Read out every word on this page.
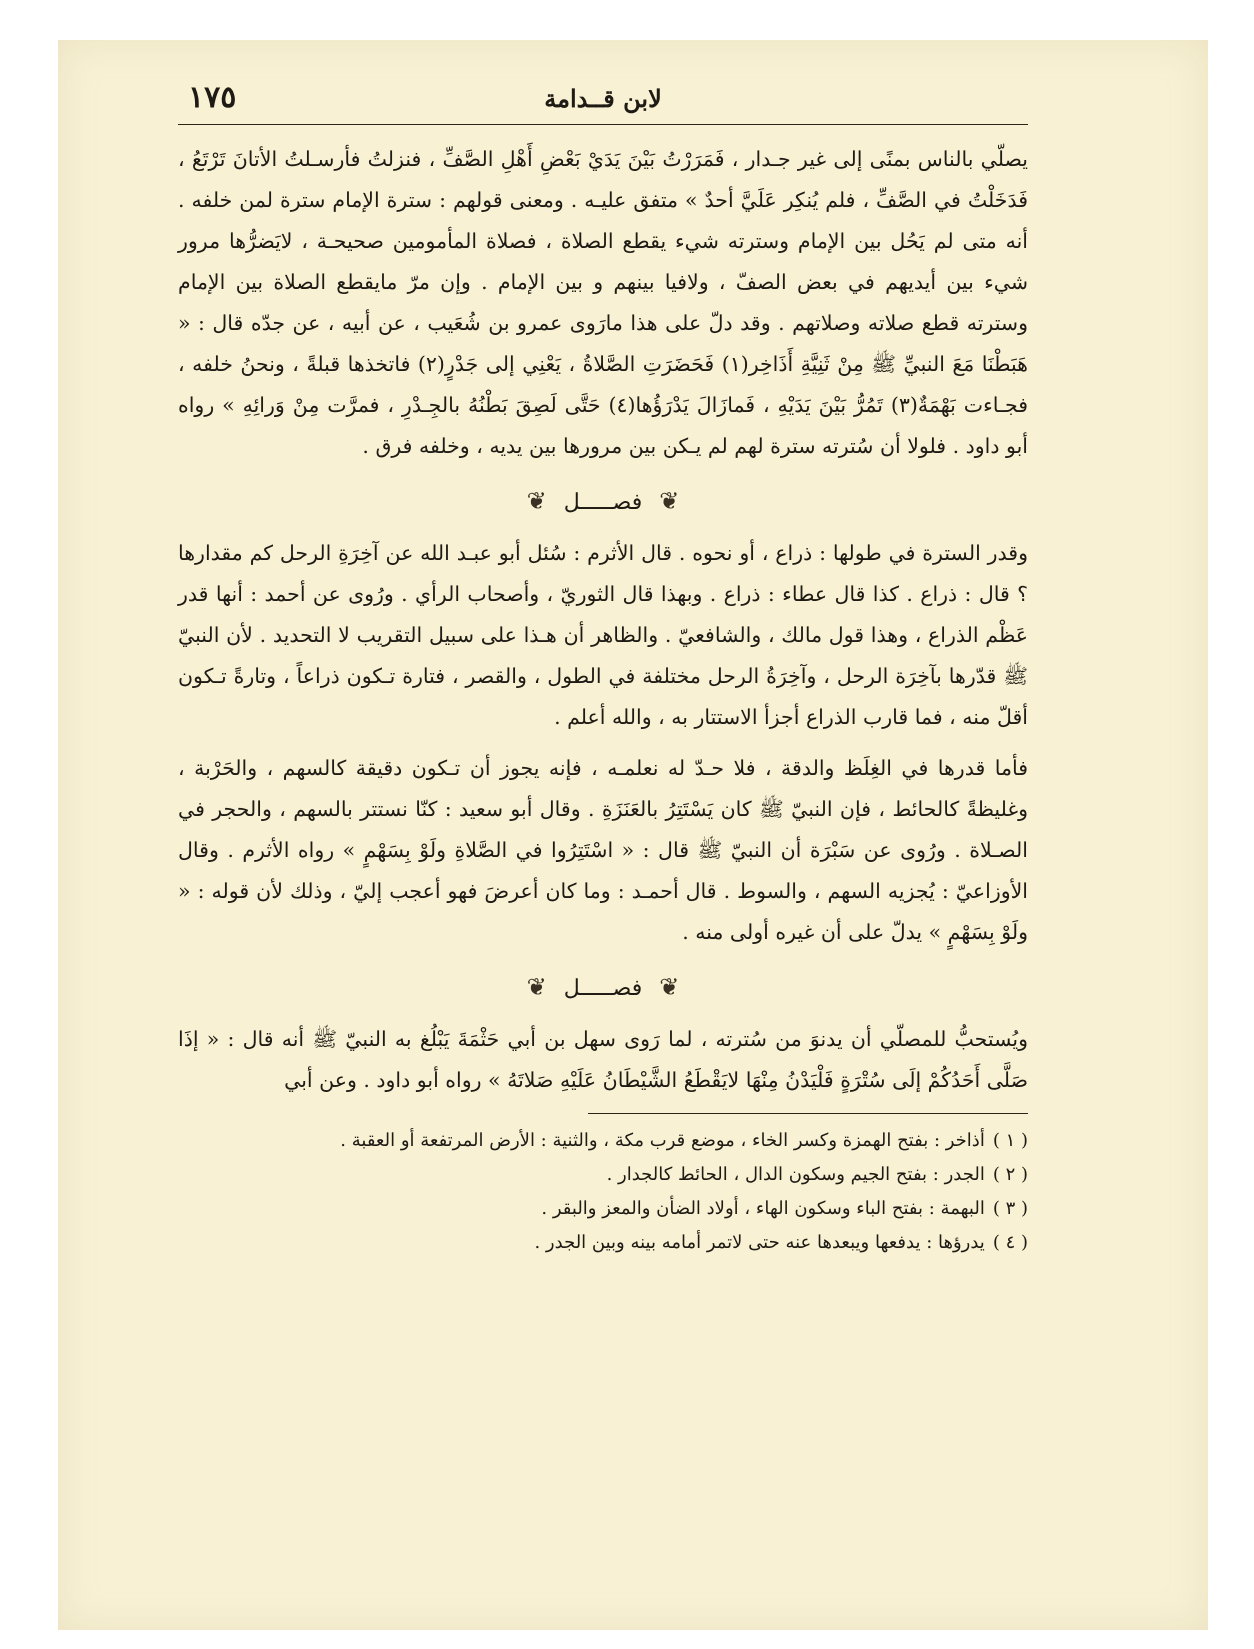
لابن قــدامة
١٧٥

يصلّي بالناس بمنًى إلى غير جـدار ، فَمَرَرْتُ بَيْنَ يَدَيْ بَعْضِ أَهْلِ الصَّفِّ ، فنزلتُ فأرسـلتُ الأتانَ تَرْتَعُ ، فَدَخَلْتُ في الصَّفِّ ، فلم يُنكِر عَلَيَّ أحدٌ » متفق عليـه . ومعنى قولهم : سترة الإمام سترة لمن خلفه . أنه متى لم يَحُل بين الإمام وسترته شيء يقطع الصلاة ، فصلاة المأمومين صحيحـة ، لايَضرُّها مرور شيء بين أيديهم في بعض الصفّ ، ولافيا بينهم و بين الإمام . وإن مرّ مايقطع الصلاة بين الإمام وسترته قطع صلاته وصلاتهم . وقد دلّ على هذا مارَوى عمرو بن شُعَيب ، عن أبيه ، عن جدّه قال : « هَبَطْنَا مَعَ النبيِّ ﷺ مِنْ ثَنِيَّةِ أَذَاخِر(١) فَحَضَرَتِ الصَّلاةُ ، يَعْنِي إلى جَدْرٍ(٢) فاتخذها قبلةً ، ونحنُ خلفه ، فجـاءت بَهْمَةٌ(٣) تَمُرُّ بَيْنَ يَدَيْهِ ، فَمازَالَ يَدْرَؤُها(٤) حَتَّى لَصِقَ بَطْنُهُ بالجِـدْرِ ، فمرَّت مِنْ وَرائِهِ » رواه أبو داود . فلولا أن سُترته سترة لهم لم يـكن بين مرورها بين يديه ، وخلفه فرق .

❦ فصـــــل ❦

وقدر السترة في طولها : ذراع ، أو نحوه . قال الأثرم : سُئل أبو عبـد الله عن آخِرَةِ الرحل كم مقدارها ؟ قال : ذراع . كذا قال عطاء : ذراع . وبهذا قال الثوريّ ، وأصحاب الرأي . ورُوى عن أحمد : أنها قدر عَظْم الذراع ، وهذا قول مالك ، والشافعيّ . والظاهر أن هـذا على سبيل التقريب لا التحديد . لأن النبيّ ﷺ قدّرها بآخِرَة الرحل ، وآخِرَةُ الرحل مختلفة في الطول ، والقصر ، فتارة تـكون ذراعاً ، وتارةً تـكون أقلّ منه ، فما قارب الذراع أجزأ الاستتار به ، والله أعلم .

فأما قدرها في الغِلَظ والدقة ، فلا حـدّ له نعلمـه ، فإنه يجوز أن تـكون دقيقة كالسهم ، والحَرْبة ، وغليظةً كالحائط ، فإن النبيّ ﷺ كان يَسْتَتِرُ بالعَنَزَةِ . وقال أبو سعيد : كنّا نستتر بالسهم ، والحجر في الصـلاة . ورُوى عن سَبْرَة أن النبيّ ﷺ قال : « اسْتَتِرُوا في الصَّلاةِ ولَوْ بِسَهْمٍ » رواه الأثرم . وقال الأوزاعيّ : يُجزيه السهم ، والسوط . قال أحمـد : وما كان أعرضَ فهو أعجب إليّ ، وذلك لأن قوله : « ولَوْ بِسَهْمٍ » يدلّ على أن غيره أولى منه .

❦ فصـــــل ❦

ويُستحبُّ للمصلّي أن يدنوَ من سُترته ، لما رَوى سهل بن أبي حَثْمَةَ يَبْلُغ به النبيّ ﷺ أنه قال : « إذَا صَلَّى أَحَدُكُمْ إلَى سُتْرَةٍ فَلْيَدْنُ مِنْهَا لايَقْطَعُ الشَّيْطَانُ عَلَيْهِ صَلاتَهُ » رواه أبو داود . وعن أبي

( ١ )أذاخر : بفتح الهمزة وكسر الخاء ، موضع قرب مكة ، والثنية : الأرض المرتفعة أو العقبة .

( ٢ )الجدر : بفتح الجيم وسكون الدال ، الحائط كالجدار .

( ٣ )البهمة : بفتح الباء وسكون الهاء ، أولاد الضأن والمعز والبقر .

( ٤ )يدرؤها : يدفعها ويبعدها عنه حتى لاتمر أمامه بينه وبين الجدر .
